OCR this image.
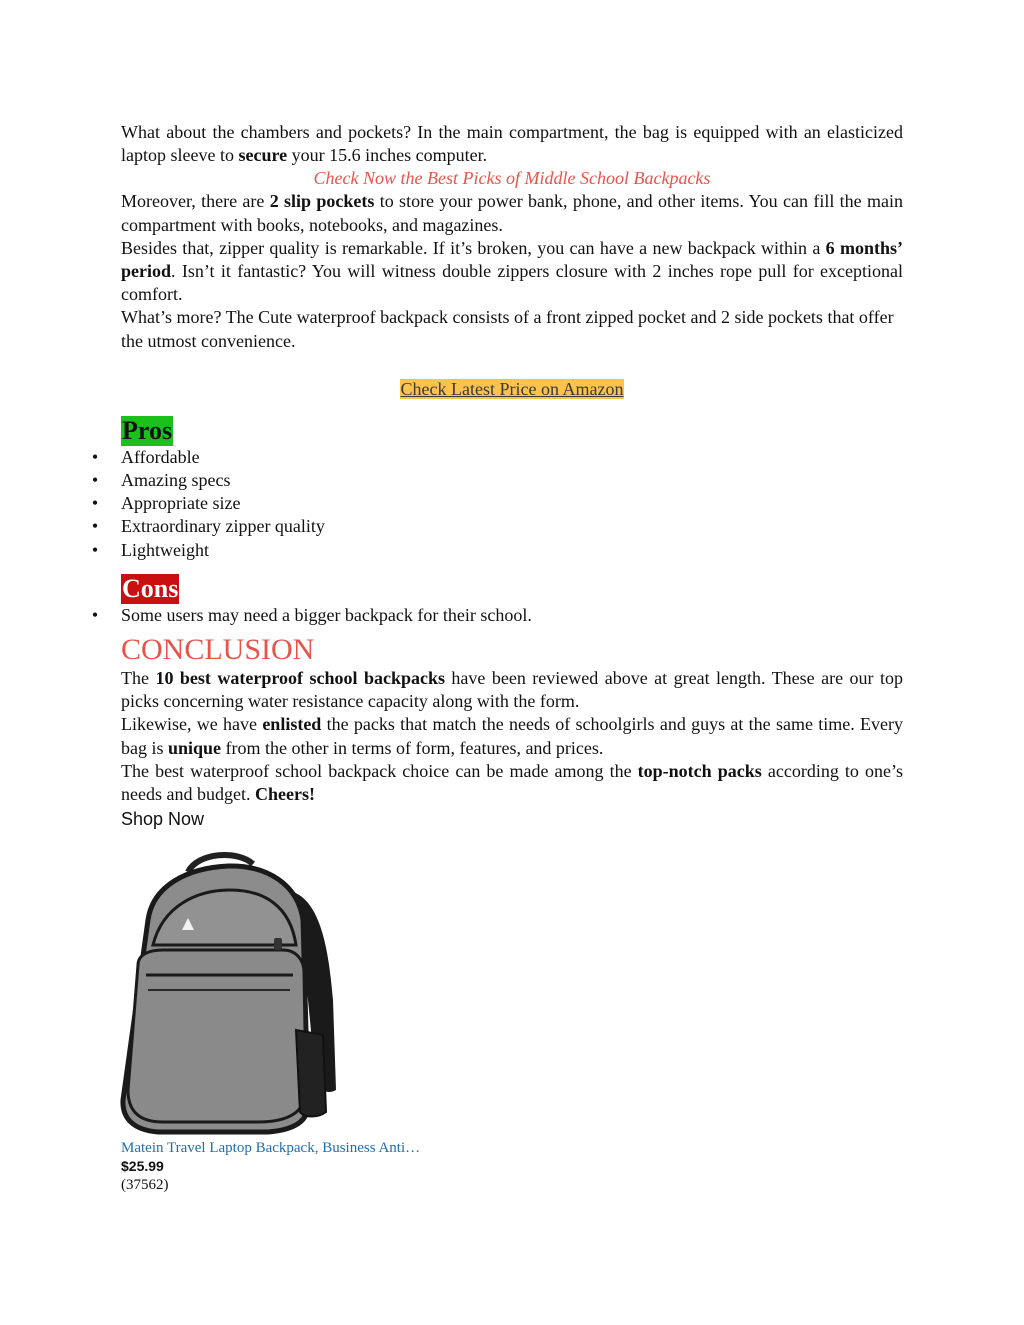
What about the chambers and pockets? In the main compartment, the bag is equipped with an elasticized laptop sleeve to secure your 15.6 inches computer.

Check Now the Best Picks of Middle School Backpacks

Moreover, there are 2 slip pockets to store your power bank, phone, and other items. You can fill the main compartment with books, notebooks, and magazines.

Besides that, zipper quality is remarkable. If it’s broken, you can have a new backpack within a 6 months’ period. Isn’t it fantastic? You will witness double zippers closure with 2 inches rope pull for exceptional comfort.

What’s more? The Cute waterproof backpack consists of a front zipped pocket and 2 side pockets that offer the utmost convenience.

Check Latest Price on Amazon
Pros
• Affordable
• Amazing specs
• Appropriate size
• Extraordinary zipper quality
• Lightweight
Cons
• Some users may need a bigger backpack for their school.
CONCLUSION

The 10 best waterproof school backpacks have been reviewed above at great length. These are our top picks concerning water resistance capacity along with the form.

Likewise, we have enlisted the packs that match the needs of schoolgirls and guys at the same time. Every bag is unique from the other in terms of form, features, and prices.

The best waterproof school backpack choice can be made among the top-notch packs according to one’s needs and budget. Cheers!

Shop Now
Matein Travel Laptop Backpack, Business Anti…
$25.99
(37562)
